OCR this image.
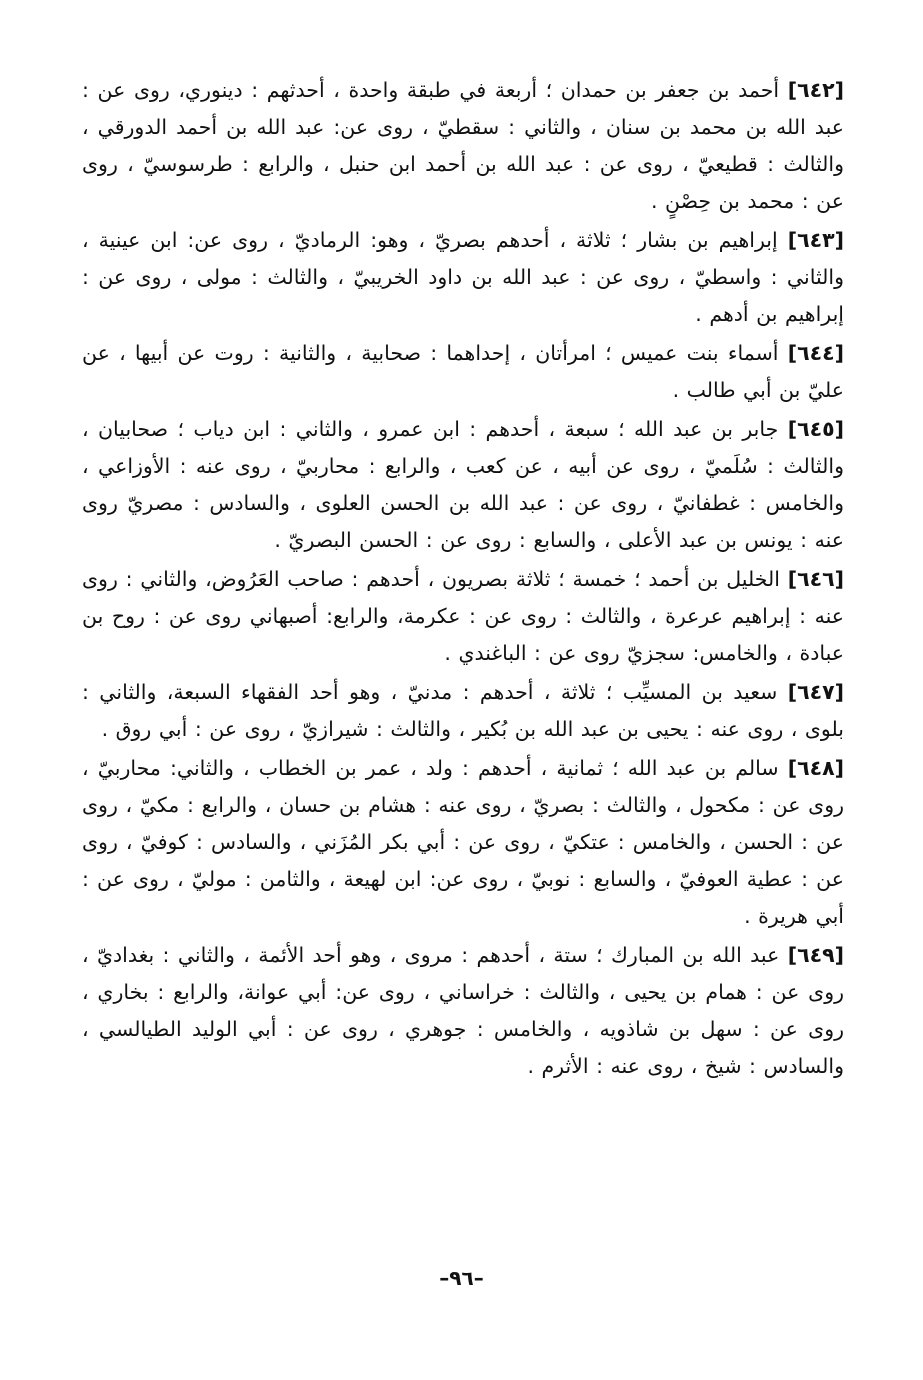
[٦٤٢] أحمد بن جعفر بن حمدان ؛ أربعة في طبقة واحدة ، أحدثهم : دينوري، روى عن : عبد الله بن محمد بن سنان ، والثاني : سقطيّ ، روى عن: عبد الله بن أحمد الدورقي ، والثالث : قطيعيّ ، روى عن : عبد الله بن أحمد ابن حنبل ، والرابع : طرسوسيّ ، روى عن : محمد بن حِصْنٍ .

[٦٤٣] إبراهيم بن بشار ؛ ثلاثة ، أحدهم بصريّ ، وهو: الرماديّ ، روى عن: ابن عينية ، والثاني : واسطيّ ، روى عن : عبد الله بن داود الخريبيّ ، والثالث : مولى ، روى عن : إبراهيم بن أدهم .

[٦٤٤] أسماء بنت عميس ؛ امرأتان ، إحداهما : صحابية ، والثانية : روت عن أبيها ، عن عليّ بن أبي طالب .

[٦٤٥] جابر بن عبد الله ؛ سبعة ، أحدهم : ابن عمرو ، والثاني : ابن دياب ؛ صحابيان ، والثالث : سُلَميّ ، روى عن أبيه ، عن كعب ، والرابع : محاربيّ ، روى عنه : الأوزاعي ، والخامس : غطفانيّ ، روى عن : عبد الله بن الحسن العلوى ، والسادس : مصريّ روى عنه : يونس بن عبد الأعلى ، والسابع : روى عن : الحسن البصريّ .

[٦٤٦] الخليل بن أحمد ؛ خمسة ؛ ثلاثة بصريون ، أحدهم : صاحب العَرُوض، والثاني : روى عنه : إبراهيم عرعرة ، والثالث : روى عن : عكرمة، والرابع: أصبهاني روى عن : روح بن عبادة ، والخامس: سجزيّ روى عن : الباغندي .

[٦٤٧] سعيد بن المسيِّب ؛ ثلاثة ، أحدهم : مدنيّ ، وهو أحد الفقهاء السبعة، والثاني : بلوى ، روى عنه : يحيى بن عبد الله بن بُكير ، والثالث : شيرازيّ ، روى عن : أبي روق .

[٦٤٨] سالم بن عبد الله ؛ ثمانية ، أحدهم : ولد ، عمر بن الخطاب ، والثاني: محاربيّ ، روى عن : مكحول ، والثالث : بصريّ ، روى عنه : هشام بن حسان ، والرابع : مكيّ ، روى عن : الحسن ، والخامس : عتكيّ ، روى عن : أبي بكر المُزَني ، والسادس : كوفيّ ، روى عن : عطية العوفيّ ، والسابع : نوبيّ ، روى عن: ابن لهيعة ، والثامن : موليّ ، روى عن : أبي هريرة .

[٦٤٩] عبد الله بن المبارك ؛ ستة ، أحدهم : مروى ، وهو أحد الأئمة ، والثاني : بغداديّ ، روى عن : همام بن يحيى ، والثالث : خراساني ، روى عن: أبي عوانة، والرابع : بخاري ، روى عن : سهل بن شاذويه ، والخامس : جوهري ، روى عن : أبي الوليد الطيالسي ، والسادس : شيخ ، روى عنه : الأثرم .

–٩٦–
